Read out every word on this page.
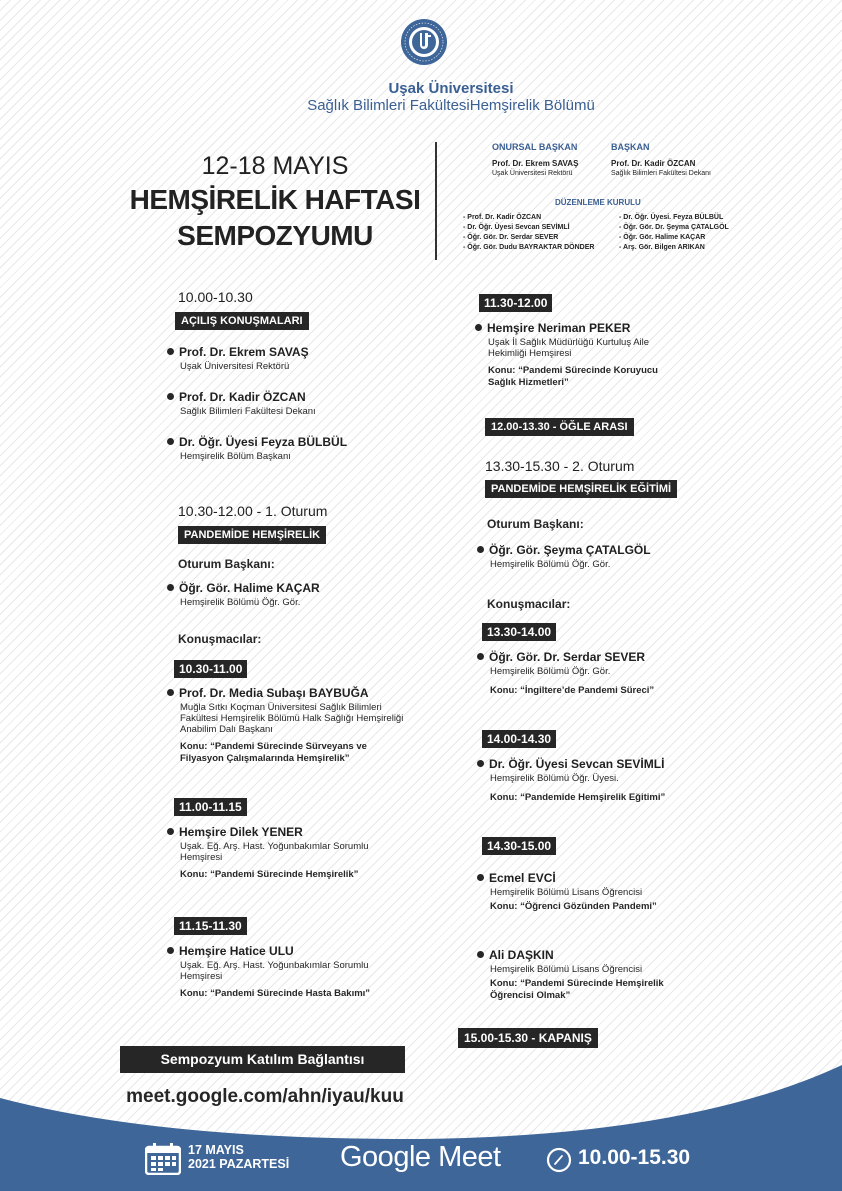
Uşak Üniversitesi
Sağlık Bilimleri FakültesiHemşirelik Bölümü
12-18 MAYIS
HEMŞİRELİK HAFTASI
SEMPOZYUMU
ONURSAL BAŞKAN
Prof. Dr. Ekrem SAVAŞ
Uşak Üniversitesi Rektörü
BAŞKAN
Prof. Dr. Kadir ÖZCAN
Sağlık Bilimleri Fakültesi Dekanı
DÜZENLEME KURULU
- Prof. Dr. Kadir ÖZCAN
- Dr. Öğr. Üyesi Sevcan SEVİMLİ
- Öğr. Gör. Dr. Serdar SEVER
- Öğr. Gör. Dudu BAYRAKTAR DÖNDER
- Dr. Öğr. Üyesi. Feyza BÜLBÜL
- Öğr. Gör. Dr. Şeyma ÇATALGÖL
- Öğr. Gör. Halime KAÇAR
- Arş. Gör. Bilgen ARIKAN
10.00-10.30
AÇILIŞ KONUŞMALARI
Prof. Dr. Ekrem SAVAŞ
Uşak Üniversitesi Rektörü
Prof. Dr. Kadir ÖZCAN
Sağlık Bilimleri Fakültesi Dekanı
Dr. Öğr. Üyesi Feyza BÜLBÜL
Hemşirelik Bölüm Başkanı
10.30-12.00 - 1. Oturum
PANDEMİDE HEMŞİRELİK
Oturum Başkanı:
Öğr. Gör. Halime KAÇAR
Hemşirelik Bölümü Öğr. Gör.
Konuşmacılar:
10.30-11.00
Prof. Dr. Media Subaşı BAYBUĞA
Muğla Sıtkı Koçman Üniversitesi Sağlık Bilimleri Fakültesi Hemşirelik Bölümü Halk Sağlığı Hemşireliği Anabilim Dalı Başkanı
Konu: “Pandemi Sürecinde Sürveyans ve Filyasyon Çalışmalarında Hemşirelik”
11.00-11.15
Hemşire Dilek YENER
Uşak. Eğ. Arş. Hast. Yoğunbakımlar Sorumlu Hemşiresi
Konu: “Pandemi Sürecinde Hemşirelik”
11.15-11.30
Hemşire Hatice ULU
Uşak. Eğ. Arş. Hast. Yoğunbakımlar Sorumlu Hemşiresi
Konu: “Pandemi Sürecinde Hasta Bakımı”
11.30-12.00
Hemşire Neriman PEKER
Uşak İl Sağlık Müdürlüğü Kurtuluş Aile Hekimliği Hemşiresi
Konu: “Pandemi Sürecinde Koruyucu Sağlık Hizmetleri”
12.00-13.30 - ÖĞLE ARASI
13.30-15.30 - 2. Oturum
PANDEMİDE HEMŞİRELİK EĞİTİMİ
Oturum Başkanı:
Öğr. Gör. Şeyma ÇATALGÖL
Hemşirelik Bölümü Öğr. Gör.
Konuşmacılar:
13.30-14.00
Öğr. Gör. Dr. Serdar SEVER
Hemşirelik Bölümü Öğr. Gör.
Konu: “İngiltere’de Pandemi Süreci”
14.00-14.30
Dr. Öğr. Üyesi Sevcan SEVİMLİ
Hemşirelik Bölümü Öğr. Üyesi.
Konu: “Pandemide Hemşirelik Eğitimi”
14.30-15.00
Ecmel EVCİ
Hemşirelik Bölümü Lisans Öğrencisi
Konu: “Öğrenci Gözünden Pandemi”
Ali DAŞKIN
Hemşirelik Bölümü Lisans Öğrencisi
Konu: “Pandemi Sürecinde Hemşirelik Öğrencisi Olmak”
15.00-15.30 - KAPANIŞ
Sempozyum Katılım Bağlantısı
meet.google.com/ahn/iyau/kuu
17 MAYIS
2021 PAZARTESİ Google Meet	10.00-15.30
